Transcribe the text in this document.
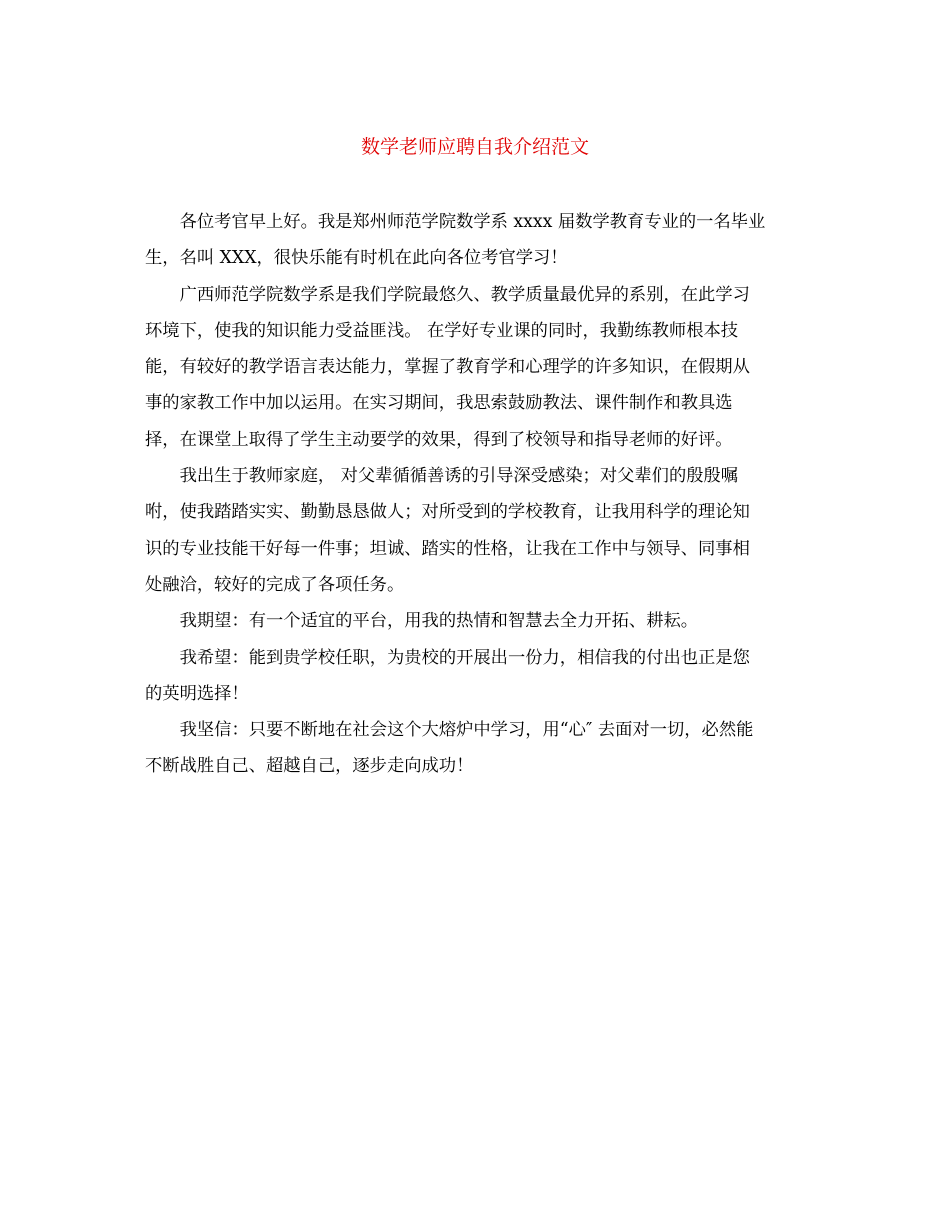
数学老师应聘自我介绍范文

各位考官早上好。我是郑州师范学院数学系 xxxx 届数学教育专业的一名毕业
生，名叫 XXX，很快乐能有时机在此向各位考官学习！

广西师范学院数学系是我们学院最悠久、教学质量最优异的系别，在此学习
环境下，使我的知识能力受益匪浅。 在学好专业课的同时，我勤练教师根本技
能，有较好的教学语言表达能力，掌握了教育学和心理学的许多知识，在假期从
事的家教工作中加以运用。在实习期间，我思索鼓励教法、课件制作和教具选
择，在课堂上取得了学生主动要学的效果，得到了校领导和指导老师的好评。

我出生于教师家庭， 对父辈循循善诱的引导深受感染；对父辈们的殷殷嘱
咐，使我踏踏实实、勤勤恳恳做人；对所受到的学校教育，让我用科学的理论知
识的专业技能干好每一件事；坦诚、踏实的性格，让我在工作中与领导、同事相
处融洽，较好的完成了各项任务。

我期望：有一个适宜的平台，用我的热情和智慧去全力开拓、耕耘。

我希望：能到贵学校任职，为贵校的开展出一份力，相信我的付出也正是您
的英明选择！

我坚信：只要不断地在社会这个大熔炉中学习，用“心″ 去面对一切，必然能
不断战胜自己、超越自己，逐步走向成功！
